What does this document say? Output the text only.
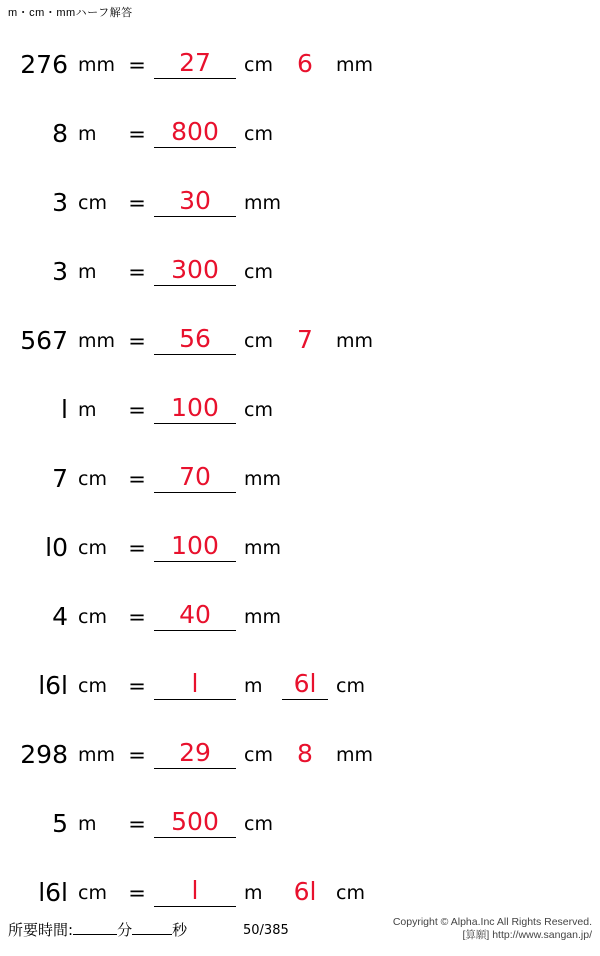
m・cm・mmハーフ解答
276 mm =	27	cm 6	mm
8 m	=	800	cm
3 cm	=	30	mm
3 m	=	300	cm
567 mm =	56	cm 7	mm
l m	=	100	cm
7 cm	=	70	mm
l0 cm	=	100	mm
4 cm	=	40	mm
l6l cm	=	l	m	6l	cm
298 mm =	29	cm 8	mm
5 m	=	500	cm
l6l cm	=	l	m	6l	cm
所要時間:	分	秒	50/385
Copyright © Alpha.Inc All Rights Reserved.
[算願] http://www.sangan.jp/
